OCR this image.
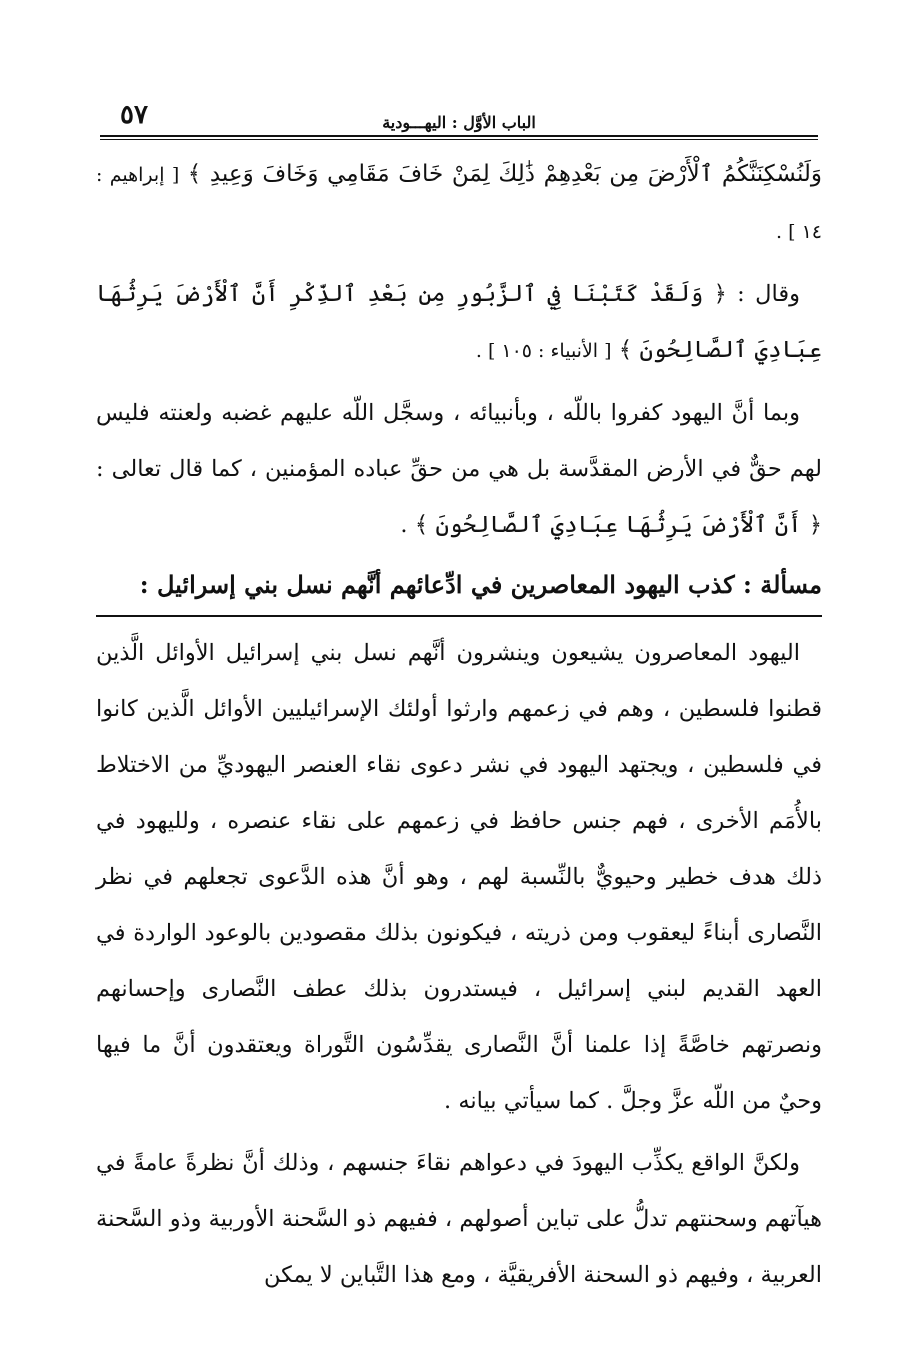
الباب الأوَّل : اليهـــودية
٥٧

وَلَنُسْكِنَنَّكُمُ ٱلْأَرْضَ مِن بَعْدِهِمْ ذَٰلِكَ لِمَنْ خَافَ مَقَامِي وَخَافَ وَعِيدِ ﴾ [ إبراهيم : ١٤ ] .

وقال : ﴿ وَلَقَدْ كَتَبْنَا فِي ٱلزَّبُورِ مِن بَعْدِ ٱلذِّكْرِ أَنَّ ٱلْأَرْضَ يَرِثُهَا عِبَادِيَ ٱلصَّالِحُونَ ﴾ [ الأنبياء : ١٠٥ ] .

وبما أنَّ اليهود كفروا باللّه ، وبأنبيائه ، وسجَّل اللّه عليهم غضبه ولعنته فليس لهم حقٌّ في الأرض المقدَّسة بل هي من حقِّ عباده المؤمنين ، كما قال تعالى : ﴿ أَنَّ ٱلْأَرْضَ يَرِثُهَا عِبَادِيَ ٱلصَّالِحُونَ ﴾ .

مسألة : كذب اليهود المعاصرين في ادِّعائهم أنَّهم نسل بني إسرائيل :

اليهود المعاصرون يشيعون وينشرون أنَّهم نسل بني إسرائيل الأوائل الَّذين قطنوا فلسطين ، وهم في زعمهم وارثوا أولئك الإسرائيليين الأوائل الَّذين كانوا في فلسطين ، ويجتهد اليهود في نشر دعوى نقاء العنصر اليهوديِّ من الاختلاط بالأُمَم الأخرى ، فهم جنس حافظ في زعمهم على نقاء عنصره ، ولليهود في ذلك هدف خطير وحيويٌّ بالنِّسبة لهم ، وهو أنَّ هذه الدَّعوى تجعلهم في نظر النَّصارى أبناءً ليعقوب ومن ذريته ، فيكونون بذلك مقصودين بالوعود الواردة في العهد القديم لبني إسرائيل ، فيستدرون بذلك عطف النَّصارى وإحسانهم ونصرتهم خاصَّةً إذا علمنا أنَّ النَّصارى يقدِّسُون التَّوراة ويعتقدون أنَّ ما فيها وحيٌ من اللّه عزَّ وجلَّ . كما سيأتي بيانه .

ولكنَّ الواقع يكذِّب اليهودَ في دعواهم نقاءَ جنسهم ، وذلك أنَّ نظرةً عامةً في هيآتهم وسحنتهم تدلُّ على تباين أصولهم ، ففيهم ذو السَّحنة الأوربية وذو السَّحنة العربية ، وفيهم ذو السحنة الأفريقيَّة ، ومع هذا التَّباين لا يمكن
